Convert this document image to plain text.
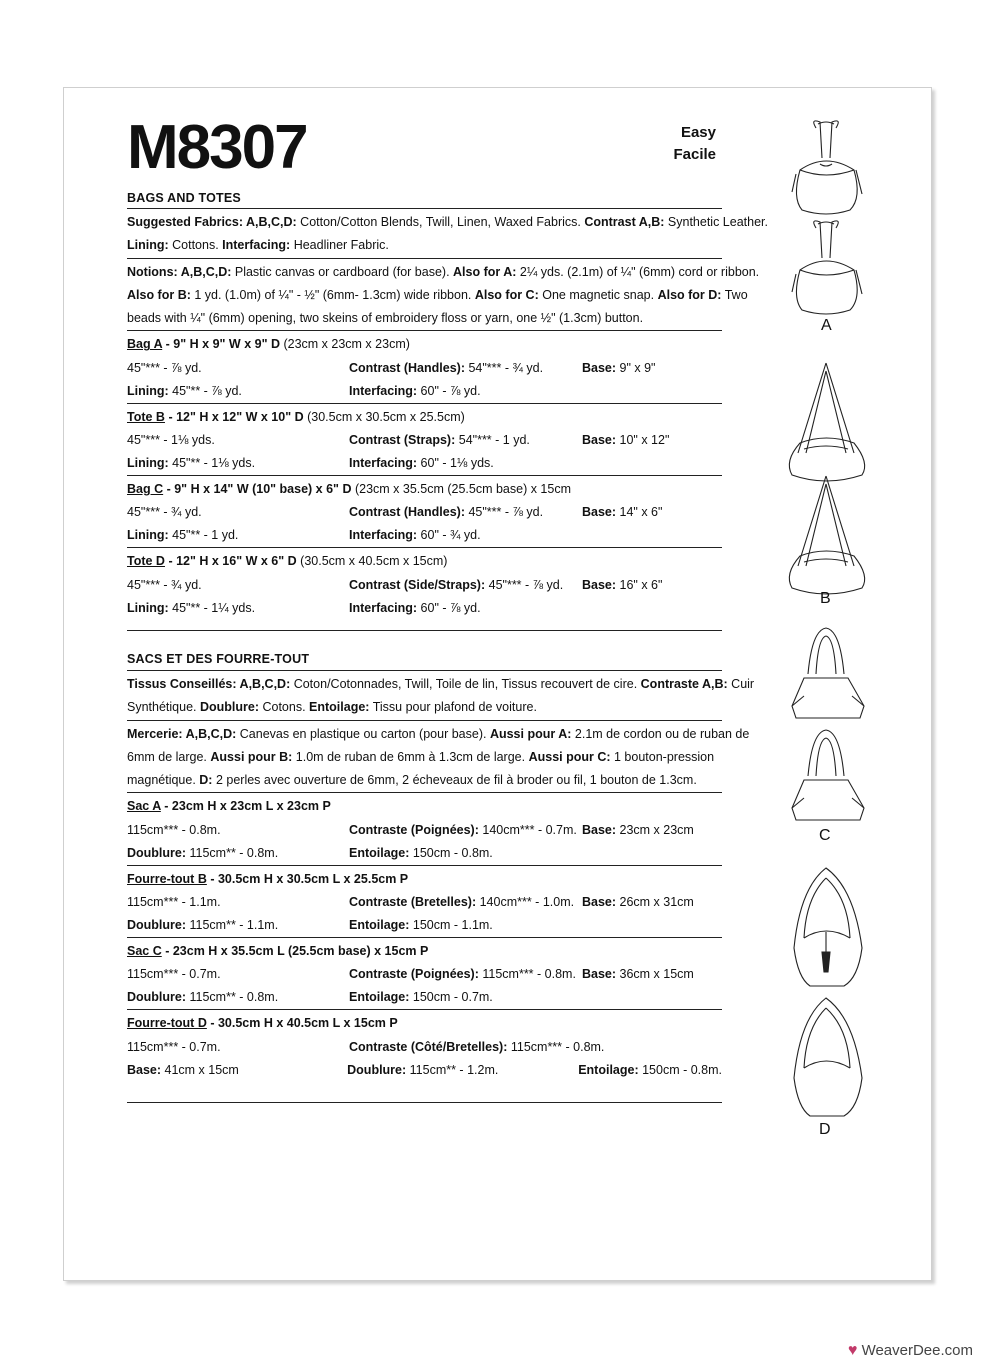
M8307	Easy
Facile
BAGS AND TOTES
Suggested Fabrics: A,B,C,D: Cotton/Cotton Blends, Twill, Linen, Waxed Fabrics. Contrast A,B: Synthetic Leather.
Lining: Cottons. Interfacing: Headliner Fabric.
Notions: A,B,C,D: Plastic canvas or cardboard (for base). Also for A: 2¼ yds. (2.1m) of ¼" (6mm) cord or ribbon.
Also for B: 1 yd. (1.0m) of ¼" - ½" (6mm- 1.3cm) wide ribbon. Also for C: One magnetic snap. Also for D: Two
beads with ¼" (6mm) opening, two skeins of embroidery floss or yarn, one ½" (1.3cm) button.
Bag A - 9" H x 9" W x 9" D (23cm x 23cm x 23cm)
45"*** - ⅞ yd.	Contrast (Handles): 54"*** - ¾ yd.	Base: 9" x 9"
Lining: 45"** - ⅞ yd.	Interfacing: 60" - ⅞ yd.
Tote B - 12" H x 12" W x 10" D (30.5cm x 30.5cm x 25.5cm)
45"*** - 1⅛ yds.	Contrast (Straps): 54"*** - 1 yd.	Base: 10" x 12"
Lining: 45"** - 1⅛ yds.	Interfacing: 60" - 1⅛ yds.
Bag C - 9" H x 14" W (10" base) x 6" D (23cm x 35.5cm (25.5cm base) x 15cm
45"*** - ¾ yd.	Contrast (Handles): 45"*** - ⅞ yd.	Base: 14" x 6"
Lining: 45"** - 1 yd.	Interfacing: 60" - ¾ yd.
Tote D - 12" H x 16" W x 6" D (30.5cm x 40.5cm x 15cm)
45"*** - ¾ yd.	Contrast (Side/Straps): 45"*** - ⅞ yd.	Base: 16" x 6"
Lining: 45"** - 1¼ yds.	Interfacing: 60" - ⅞ yd.
SACS ET DES FOURRE-TOUT
Tissus Conseillés: A,B,C,D: Coton/Cotonnades, Twill, Toile de lin, Tissus recouvert de cire. Contraste A,B: Cuir
Synthétique. Doublure: Cotons. Entoilage: Tissu pour plafond de voiture.
Mercerie: A,B,C,D: Canevas en plastique ou carton (pour base). Aussi pour A: 2.1m de cordon ou de ruban de
6mm de large. Aussi pour B: 1.0m de ruban de 6mm à 1.3cm de large. Aussi pour C: 1 bouton-pression
magnétique. D: 2 perles avec ouverture de 6mm, 2 écheveaux de fil à broder ou fil, 1 bouton de 1.3cm.
Sac A - 23cm H x 23cm L x 23cm P
115cm*** - 0.8m.	Contraste (Poignées): 140cm*** - 0.7m. Base: 23cm x 23cm
Doublure: 115cm** - 0.8m.	Entoilage: 150cm - 0.8m.
Fourre-tout B - 30.5cm H x 30.5cm L x 25.5cm P
115cm*** - 1.1m.	Contraste (Bretelles): 140cm*** - 1.0m. Base: 26cm x 31cm
Doublure: 115cm** - 1.1m.	Entoilage: 150cm - 1.1m.
Sac C - 23cm H x 35.5cm L (25.5cm base) x 15cm P
115cm*** - 0.7m.	Contraste (Poignées): 115cm*** - 0.8m. Base: 36cm x 15cm
Doublure: 115cm** - 0.8m.	Entoilage: 150cm - 0.7m.
Fourre-tout D - 30.5cm H x 40.5cm L x 15cm P
115cm*** - 0.7m.	Contraste (Côté/Bretelles): 115cm*** - 0.8m.
Base: 41cm x 15cm	Doublure: 115cm** - 1.2m.	Entoilage: 150cm - 0.8m.
A
B
C
D
♥ WeaverDee.com
